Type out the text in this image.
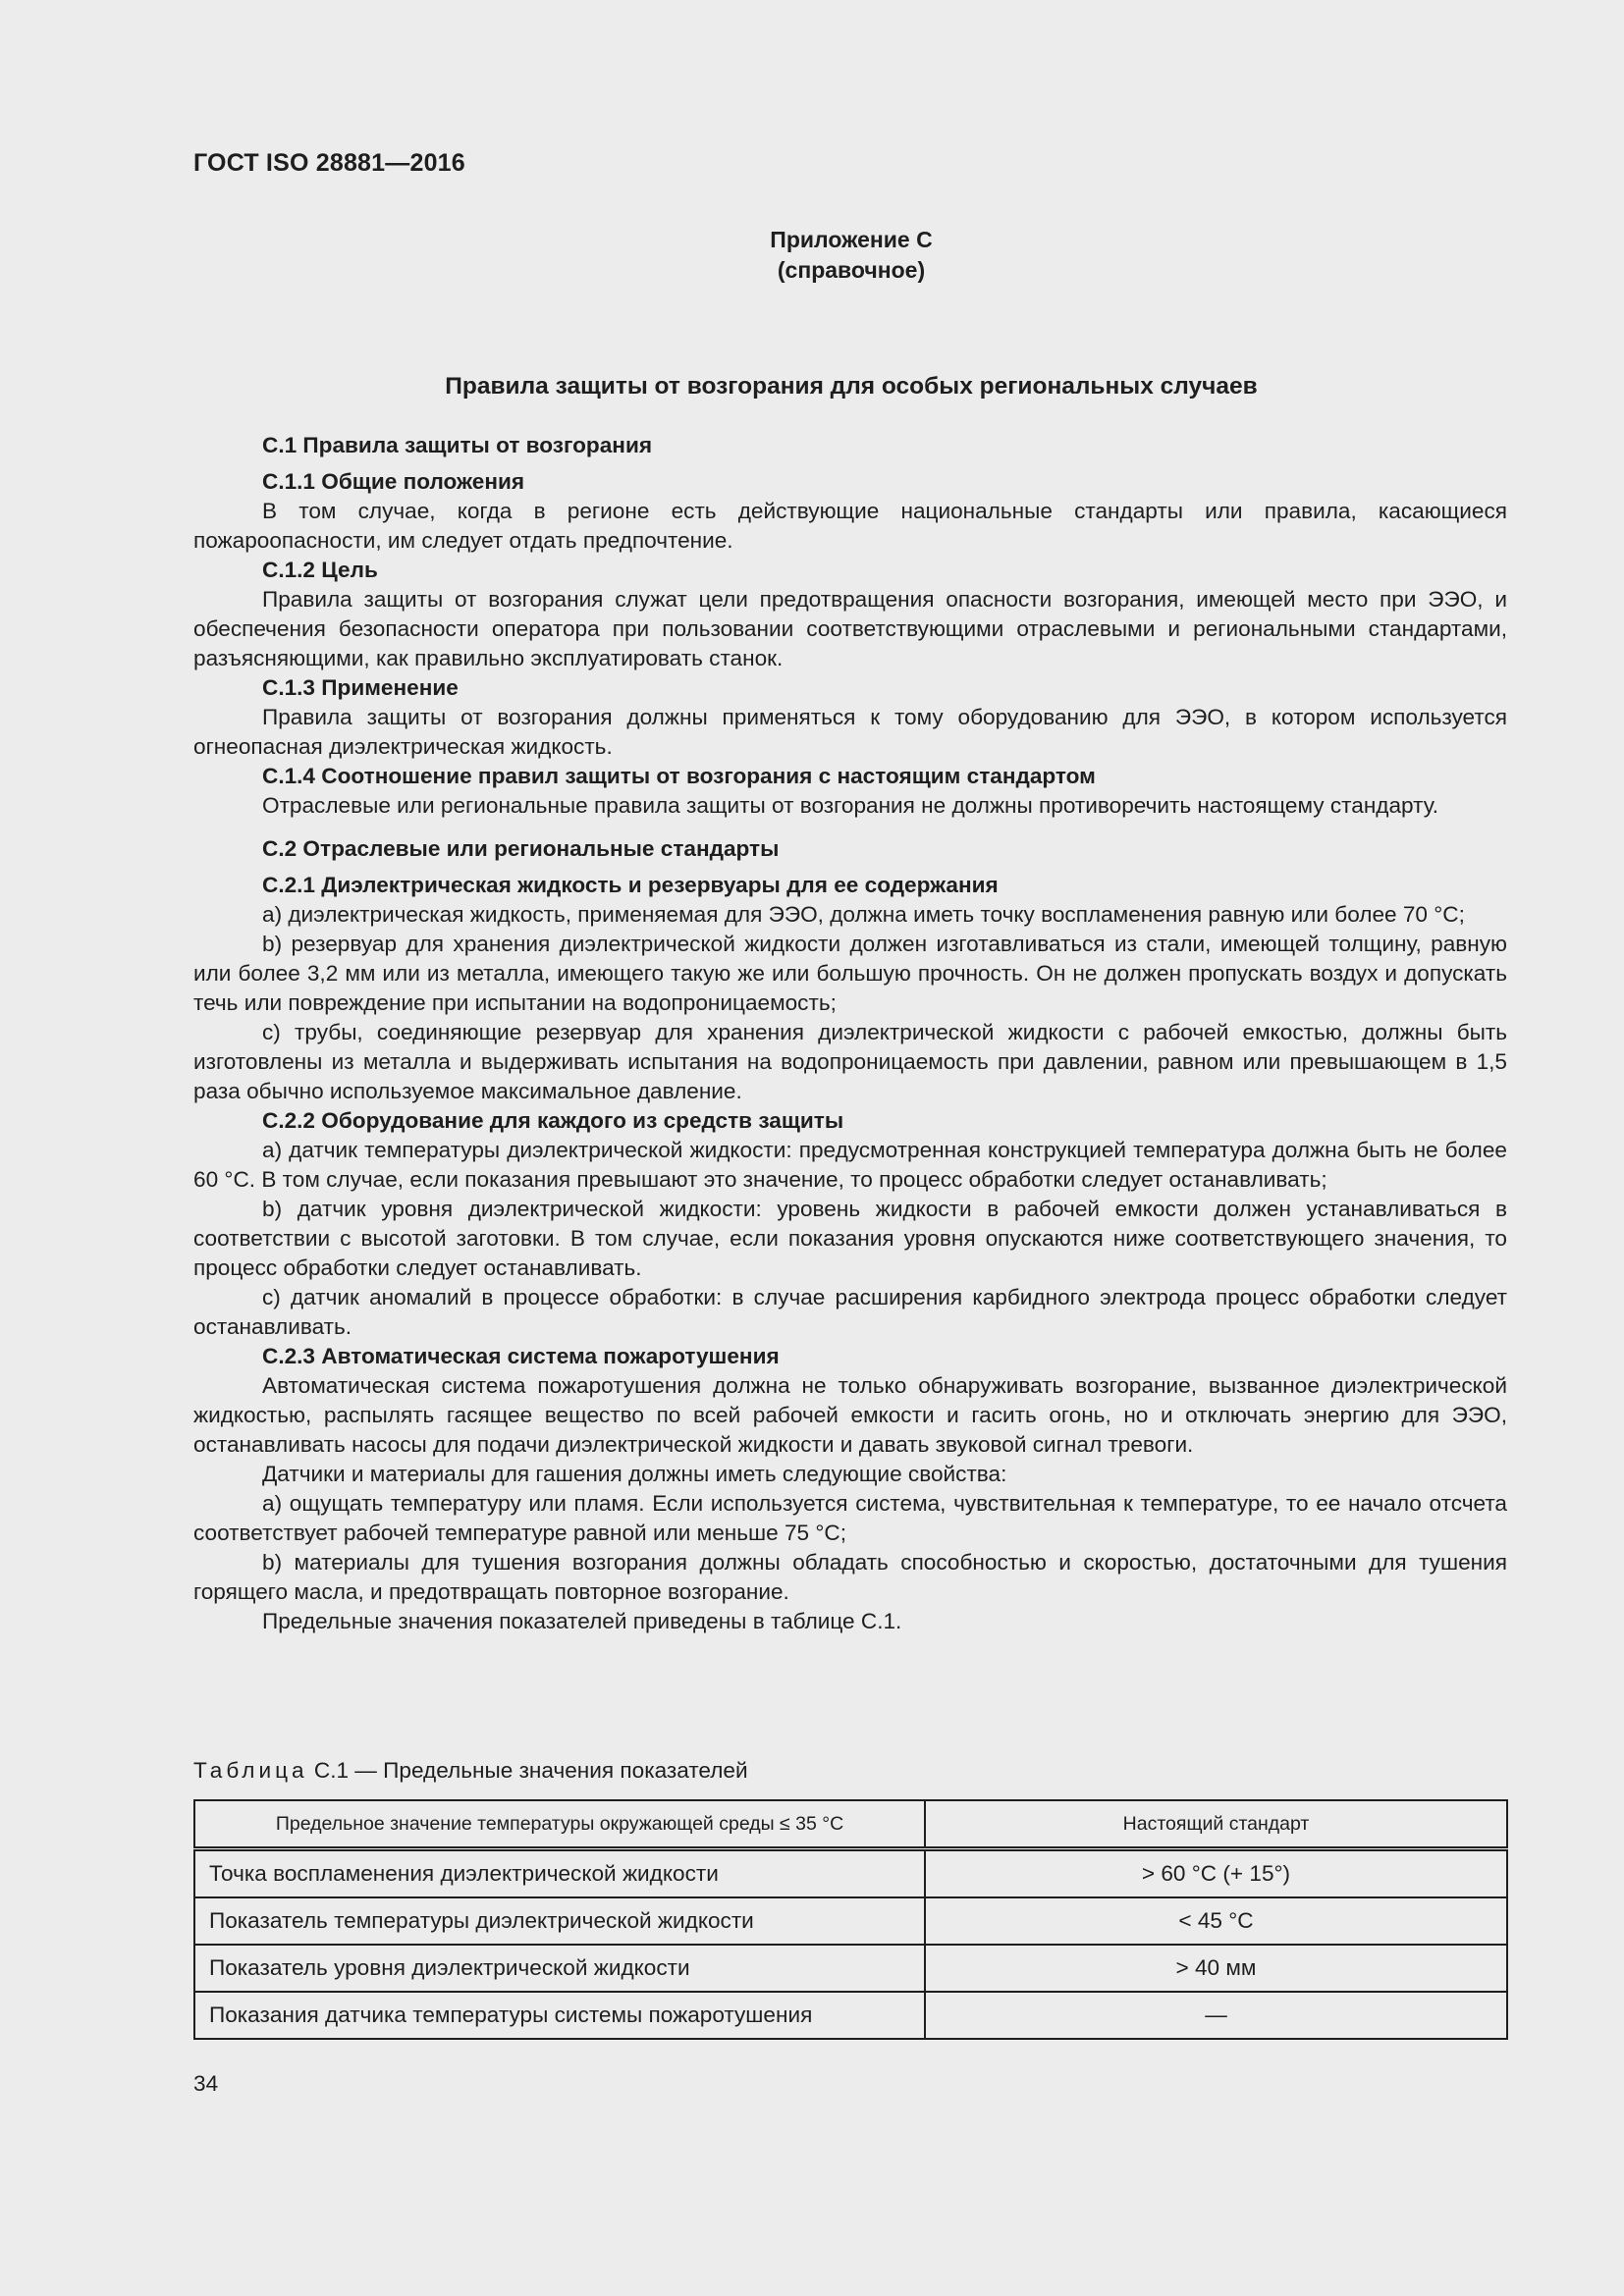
ГОСТ ISO 28881—2016
Приложение С
(справочное)
Правила защиты от возгорания для особых региональных случаев

С.1 Правила защиты от возгорания

С.1.1 Общие положения

В том случае, когда в регионе есть действующие национальные стандарты или правила, касающиеся пожароопасности, им следует отдать предпочтение.

С.1.2 Цель

Правила защиты от возгорания служат цели предотвращения опасности возгорания, имеющей место при ЭЭО, и обеспечения безопасности оператора при пользовании соответствующими отраслевыми и региональными стандартами, разъясняющими, как правильно эксплуатировать станок.

С.1.3 Применение

Правила защиты от возгорания должны применяться к тому оборудованию для ЭЭО, в котором используется огнеопасная диэлектрическая жидкость.

С.1.4 Соотношение правил защиты от возгорания с настоящим стандартом

Отраслевые или региональные правила защиты от возгорания не должны противоречить настоящему стандарту.

С.2 Отраслевые или региональные стандарты

С.2.1 Диэлектрическая жидкость и резервуары для ее содержания

a) диэлектрическая жидкость, применяемая для ЭЭО, должна иметь точку воспламенения равную или более 70 °С;

b) резервуар для хранения диэлектрической жидкости должен изготавливаться из стали, имеющей толщину, равную или более 3,2 мм или из металла, имеющего такую же или большую прочность. Он не должен пропускать воздух и допускать течь или повреждение при испытании на водопроницаемость;

c) трубы, соединяющие резервуар для хранения диэлектрической жидкости с рабочей емкостью, должны быть изготовлены из металла и выдерживать испытания на водопроницаемость при давлении, равном или превышающем в 1,5 раза обычно используемое максимальное давление.

С.2.2 Оборудование для каждого из средств защиты

a) датчик температуры диэлектрической жидкости: предусмотренная конструкцией температура должна быть не более 60 °С. В том случае, если показания превышают это значение, то процесс обработки следует останавливать;

b) датчик уровня диэлектрической жидкости: уровень жидкости в рабочей емкости должен устанавливаться в соответствии с высотой заготовки. В том случае, если показания уровня опускаются ниже соответствующего значения, то процесс обработки следует останавливать.

c) датчик аномалий в процессе обработки: в случае расширения карбидного электрода процесс обработки следует останавливать.

С.2.3 Автоматическая система пожаротушения

Автоматическая система пожаротушения должна не только обнаруживать возгорание, вызванное диэлектрической жидкостью, распылять гасящее вещество по всей рабочей емкости и гасить огонь, но и отключать энергию для ЭЭО, останавливать насосы для подачи диэлектрической жидкости и давать звуковой сигнал тревоги.

Датчики и материалы для гашения должны иметь следующие свойства:

a) ощущать температуру или пламя. Если используется система, чувствительная к температуре, то ее начало отсчета соответствует рабочей температуре равной или меньше 75 °С;

b) материалы для тушения возгорания должны обладать способностью и скоростью, достаточными для тушения горящего масла, и предотвращать повторное возгорание.

Предельные значения показателей приведены в таблице С.1.

Таблица С.1 — Предельные значения показателей
Предельное значение температуры окружающей среды ≤ 35 °С	Настоящий стандарт
Точка воспламенения диэлектрической жидкости	> 60 °С (+ 15°)
Показатель температуры диэлектрической жидкости	< 45 °С
Показатель уровня диэлектрической жидкости	> 40 мм
Показания датчика температуры системы пожаротушения	—
34
